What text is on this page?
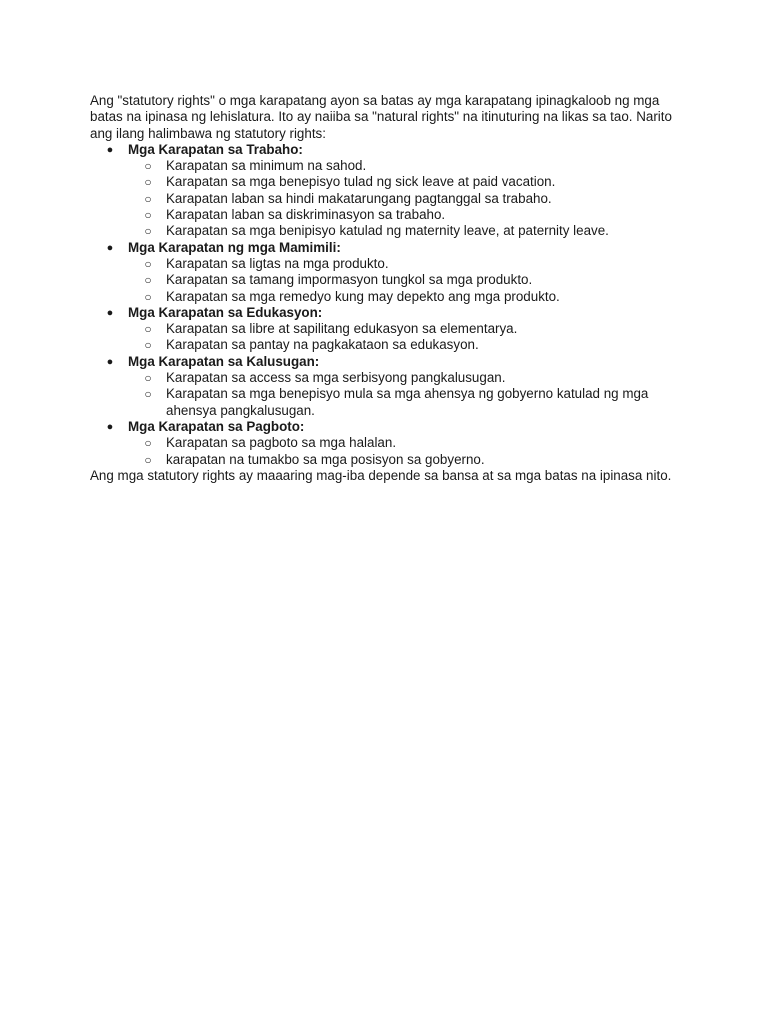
Ang "statutory rights" o mga karapatang ayon sa batas ay mga karapatang ipinagkaloob ng mga batas na ipinasa ng lehislatura. Ito ay naiiba sa "natural rights" na itinuturing na likas sa tao. Narito ang ilang halimbawa ng statutory rights:

● Mga Karapatan sa Trabaho:
○ Karapatan sa minimum na sahod.
○ Karapatan sa mga benepisyo tulad ng sick leave at paid vacation.
○ Karapatan laban sa hindi makatarungang pagtanggal sa trabaho.
○ Karapatan laban sa diskriminasyon sa trabaho.
○ Karapatan sa mga benipisyo katulad ng maternity leave, at paternity leave.
● Mga Karapatan ng mga Mamimili:
○ Karapatan sa ligtas na mga produkto.
○ Karapatan sa tamang impormasyon tungkol sa mga produkto.
○ Karapatan sa mga remedyo kung may depekto ang mga produkto.
● Mga Karapatan sa Edukasyon:
○ Karapatan sa libre at sapilitang edukasyon sa elementarya.
○ Karapatan sa pantay na pagkakataon sa edukasyon.
● Mga Karapatan sa Kalusugan:
○ Karapatan sa access sa mga serbisyong pangkalusugan.
○ Karapatan sa mga benepisyo mula sa mga ahensya ng gobyerno katulad ng mga ahensya pangkalusugan.
● Mga Karapatan sa Pagboto:
○ Karapatan sa pagboto sa mga halalan.
○ karapatan na tumakbo sa mga posisyon sa gobyerno.

Ang mga statutory rights ay maaaring mag-iba depende sa bansa at sa mga batas na ipinasa nito.
